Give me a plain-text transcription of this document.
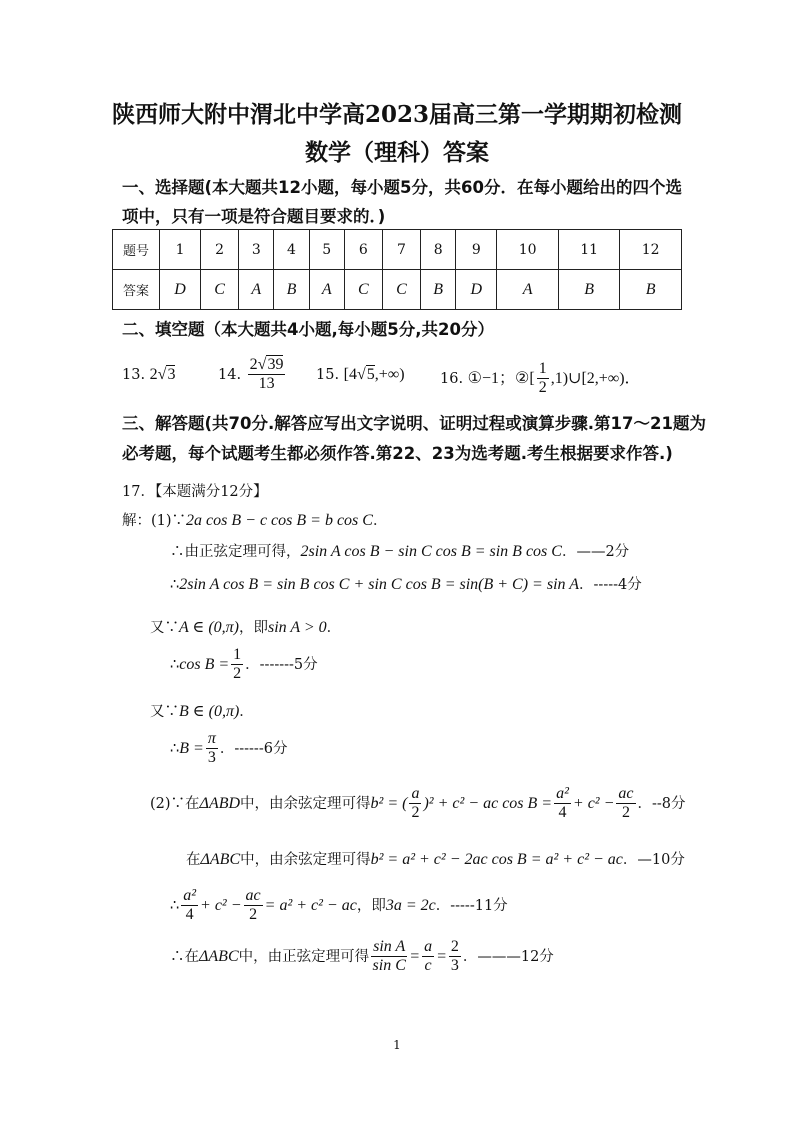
陕西师大附中渭北中学高2023届高三第一学期期初检测
数学（理科）答案
一、选择题(本大题共12小题，每小题5分，共60分．在每小题给出的四个选
项中，只有一项是符合题目要求的．)
题号	1	2	3	4	5	6	7	8	9	10	11	12
答案	D	C	A	B	A	C	C	B	D	A	B	B
二、填空题（本大题共4小题,每小题5分,共20分）
13. 2√3	14. $\frac{2√39}{13} 15$. [4√5,+∞) 16. ①−1；②[ $\frac{1}{2}$ ,1)∪[2,+∞)．
三、解答题(共70分.解答应写出文字说明、证明过程或演算步骤.第17～21题为
必考题，每个试题考生都必须作答.第22、23为选考题.考生根据要求作答.)
17．【本题满分12分】
解：(1)∵2a cos B − c cos B = b cos C．
∴由正弦定理可得，2sin A cos B − sin C cos B = sin B cos C．——2分
∴2sin A cos B = sin B cos C + sin C cos B = sin(B + C) = sin A．-----4分
又∵A ∈ (0,π)，即sin A > 0．
∴cos $B = \frac{1}{2}$ ．-------5分
又∵B ∈ (0,π)．
∴B = $\frac{\pi}{3}$ ．------6分
(2)∵在ΔABD中，由余弦定理可得b² = ( $\frac{a}{2} )^2 + c^2$ − ac $\cos B = \frac{\text{a²}}{4} + c^2 - \frac{ac}{2}$ ．--8分
在ΔABC中，由余弦定理可得b² = a² + c² − 2ac cos B = a² + c² − ac．—10分
∴ $\frac{\text{a²}}{4} + c^2 - \frac{ac}{2} = a^2 + c^2$ − ac，即3a = 2c．-----11分
∴在ΔABC中，由正弦定理可得 $\frac{\text{sin A}}{\text{sin C}} = \frac{a}{c} = \frac{2}{3}$ ．———12分
1
